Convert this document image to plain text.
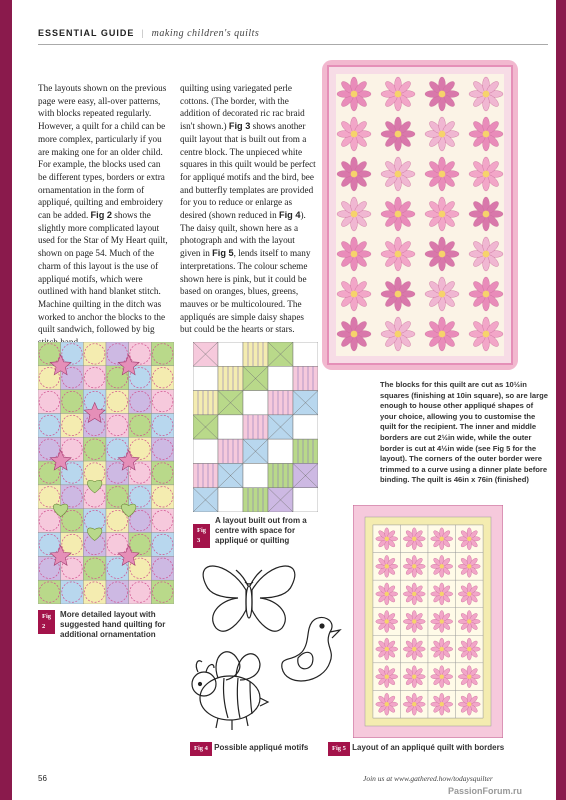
ESSENTIAL GUIDE | making children's quilts

The layouts shown on the previous page were easy, all-over patterns, with blocks repeated regularly. However, a quilt for a child can be more complex, particularly if you are making one for an older child. For example, the blocks used can be different types, borders or extra ornamentation in the form of appliqué, quilting and embroidery can be added. Fig 2 shows the slightly more complicated layout used for the Star of My Heart quilt, shown on page 54. Much of the charm of this layout is the use of appliqué motifs, which were outlined with hand blanket stitch. Machine quilting in the ditch was worked to anchor the blocks to the quilt sandwich, followed by big

quilting using variegated perle cottons. (The border, with the addition of decorated ric rac braid isn't shown.) Fig 3 shows another quilt layout that is built out from a centre block. The unpieced white squares in this quilt would be perfect for appliqué motifs and the bird, bee and butterfly templates are provided for you to reduce or enlarge as desired (shown reduced in Fig 4). The daisy quilt, shown here as a photograph and with the layout given in Fig 5, lends itself to many interpretations. The colour scheme shown here is pink, but it could be based on oranges, blues, greens, mauves or be multicoloured. The appliqués are simple daisy shapes but could be the hearts or stars.

The blocks for this quilt are cut as 10½in squares (finishing at 10in square), so are large enough to house other appliqué shapes of your choice, allowing you to customise the quilt for the recipient. The inner and middle borders are cut 2½in wide, while the outer border is cut at 4½in wide (see Fig 5 for the layout). The corners of the outer border were trimmed to a curve using a dinner plate before binding. The quilt is 46in x 76in (finished)
Fig 2
More detailed layout with suggested hand quilting for additional ornamentation
Fig 3
A layout built out from a centre with space for appliqué or quilting
Fig 4 Possible appliqué motifs	Fig 5 Layout of an appliqué quilt with borders
56	Join us at www.gathered.how/todaysquilter
PassionForum.ru
